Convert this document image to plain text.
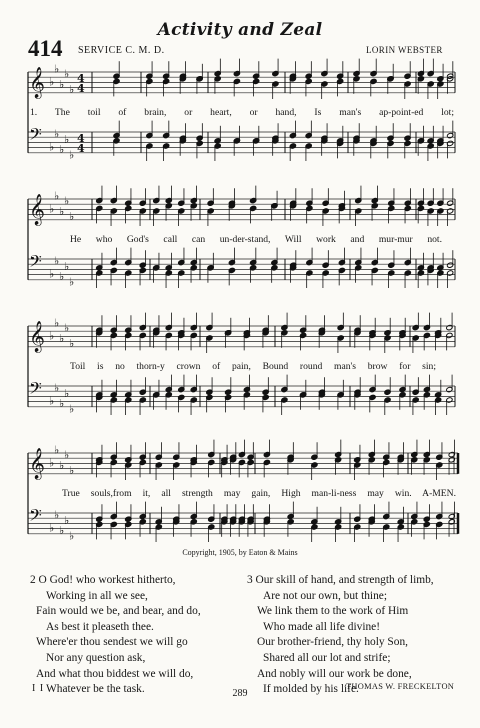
Activity and Zeal
414 SERVICE C. M. D.	LORIN WEBSTER
𝄞 ♭
♭
♭
♭
♭
4
4
𝄢 ♭
♭
♭
♭
♭
4
4
𝄞 ♭
♭
♭
♭
♭
𝄢 ♭
♭
♭
♭
♭
𝄞 ♭
♭
♭
♭
♭
𝄢 ♭
♭
♭
♭
♭
𝄞 ♭
♭
♭
♭
♭
𝄢 ♭
♭
♭
♭
♭
1. The toil of brain, or heart, or hand, Is man's ap-point-ed lot;
He who God's call can un-der-stand, Will work and mur-mur not.
Toil is no thorn-y crown of pain, Bound round man's brow for sin;
True souls,from it, all strength may gain, High man-li-ness may win. A-MEN.
Copyright, 1905, by Eaton & Mains
2 O God! who workest hitherto,
Working in all we see,
Fain would we be, and bear, and do,
As best it pleaseth thee.
Where'er thou sendest we will go
Nor any question ask,
And what thou biddest we will do,
Whatever be the task.
3 Our skill of hand, and strength of limb,
Are not our own, but thine;
We link them to the work of Him
Who made all life divine!
Our brother-friend, thy holy Son,
Shared all our lot and strife;
And nobly will our work be done,
If molded by his life.
I I	289
THOMAS W. FRECKELTON
